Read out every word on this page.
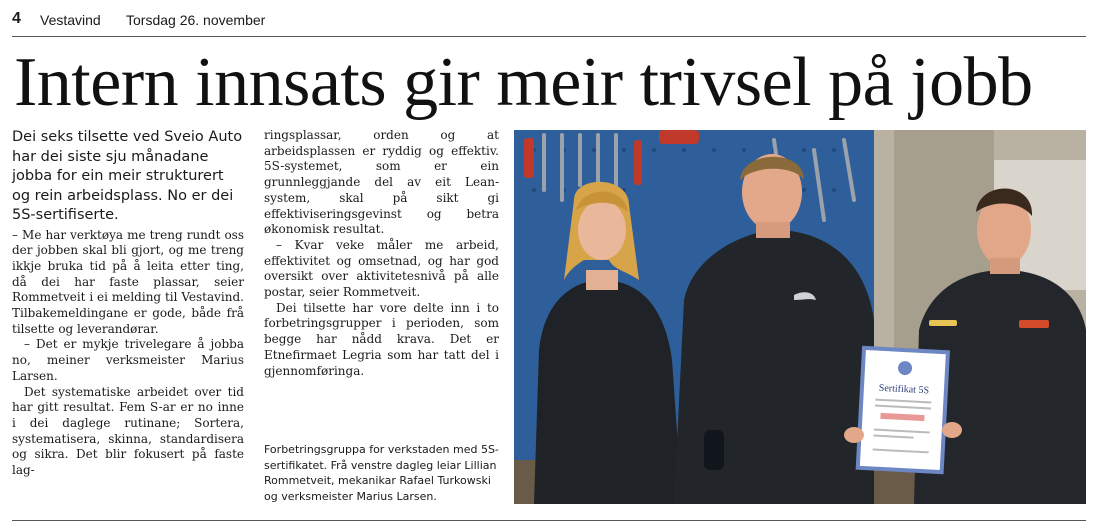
4 Vestavind Torsdag 26. november
Intern innsats gir meir trivsel på jobb

Dei seks tilsette ved Sveio Auto har dei siste sju månadane jobba for ein meir strukturert og rein arbeidsplass. No er dei 5S-sertifiserte.

– Me har verktøya me treng rundt oss der jobben skal bli gjort, og me treng ikkje bruka tid på å leita etter ting, då dei har faste plassar, seier Rommetveit i ei melding til Vestavind. Tilbakemeldingane er gode, både frå tilsette og leverandørar.

– Det er mykje trivelegare å jobba no, meiner verksmeister Marius Larsen.

Det systematiske arbeidet over tid har gitt resultat. Fem S-ar er no inne i dei daglege rutinane; Sortera, systematisera, skinna, standardisera og sikra. Det blir fokusert på faste lag-

ringsplassar, orden og at arbeidsplassen er ryddig og effektiv. 5S-systemet, som er ein grunnleggjande del av eit Lean-system, skal på sikt gi effektiviseringsgevinst og betra økonomisk resultat.

– Kvar veke måler me arbeid, effektivitet og omsetnad, og har god oversikt over aktivitetesnivå på alle postar, seier Rommetveit.

Dei tilsette har vore delte inn i to forbetringsgrupper i perioden, som begge har nådd krava. Det er Etnefirmaet Legria som har tatt del i gjennomføringa.

Forbetringsgruppa for verkstaden med 5S-sertifikatet. Frå venstre dagleg leiar Lillian Rommetveit, mekanikar Rafael Turkowski og verksmeister Marius Larsen.
Sertifikat 5S
